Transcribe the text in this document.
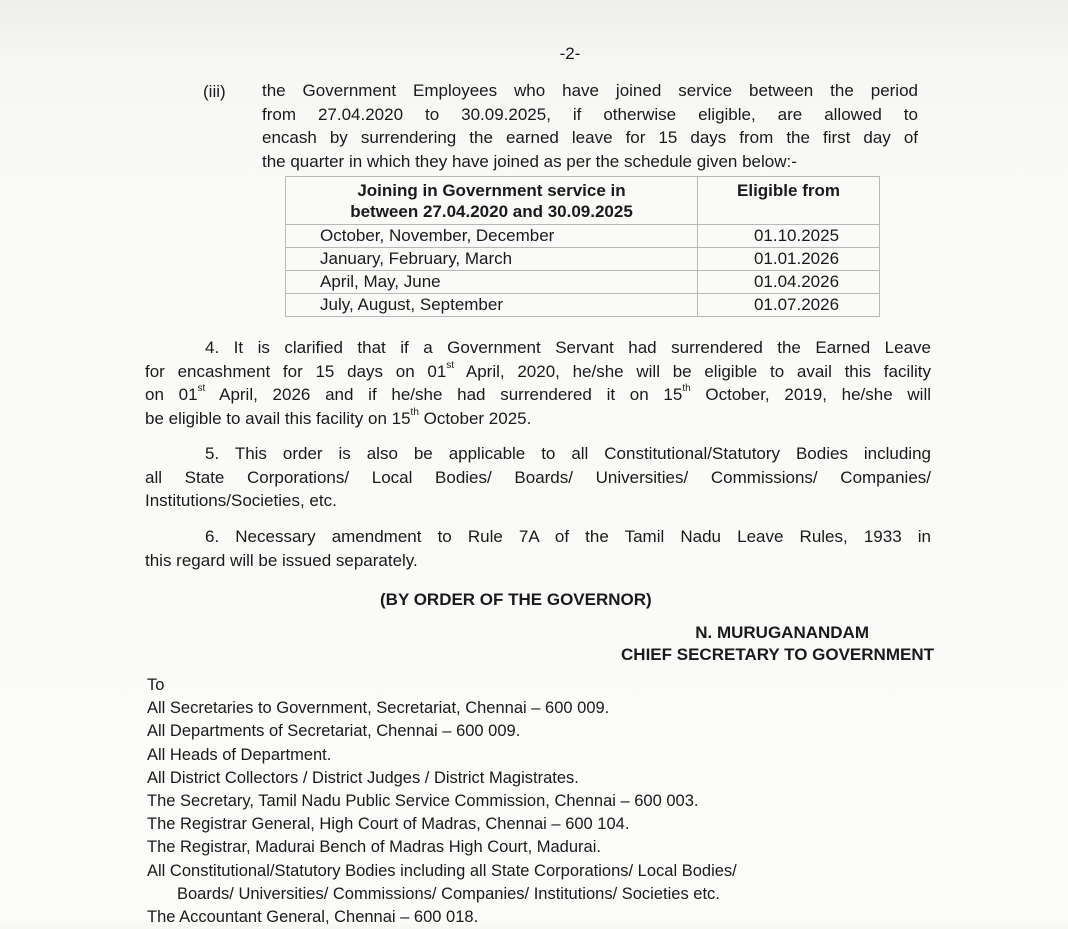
-2-
(iii) the Government Employees who have joined service between the period
from 27.04.2020 to 30.09.2025, if otherwise eligible, are allowed to
encash by surrendering the earned leave for 15 days from the first day of
the quarter in which they have joined as per the schedule given below:-
Joining in Government service in
between 27.04.2020 and 30.09.2025	Eligible from
October, November, December	01.10.2025
January, February, March	01.01.2026
April, May, June	01.04.2026
July, August, September	01.07.2026
4. It is clarified that if a Government Servant had surrendered the Earned Leave
for encashment for 15 days on 01st April, 2020, he/she will be eligible to avail this facility
on 01st April, 2026 and if he/she had surrendered it on 15th October, 2019, he/she will
be eligible to avail this facility on 15th October 2025.
5. This order is also be applicable to all Constitutional/Statutory Bodies including
all State Corporations/ Local Bodies/ Boards/ Universities/ Commissions/ Companies/
Institutions/Societies, etc.
6. Necessary amendment to Rule 7A of the Tamil Nadu Leave Rules, 1933 in
this regard will be issued separately.
(BY ORDER OF THE GOVERNOR)
N. MURUGANANDAM
CHIEF SECRETARY TO GOVERNMENT
To
All Secretaries to Government, Secretariat, Chennai – 600 009.
All Departments of Secretariat, Chennai – 600 009.
All Heads of Department.
All District Collectors / District Judges / District Magistrates.
The Secretary, Tamil Nadu Public Service Commission, Chennai – 600 003.
The Registrar General, High Court of Madras, Chennai – 600 104.
The Registrar, Madurai Bench of Madras High Court, Madurai.
All Constitutional/Statutory Bodies including all State Corporations/ Local Bodies/
Boards/ Universities/ Commissions/ Companies/ Institutions/ Societies etc.
The Accountant General, Chennai – 600 018.
